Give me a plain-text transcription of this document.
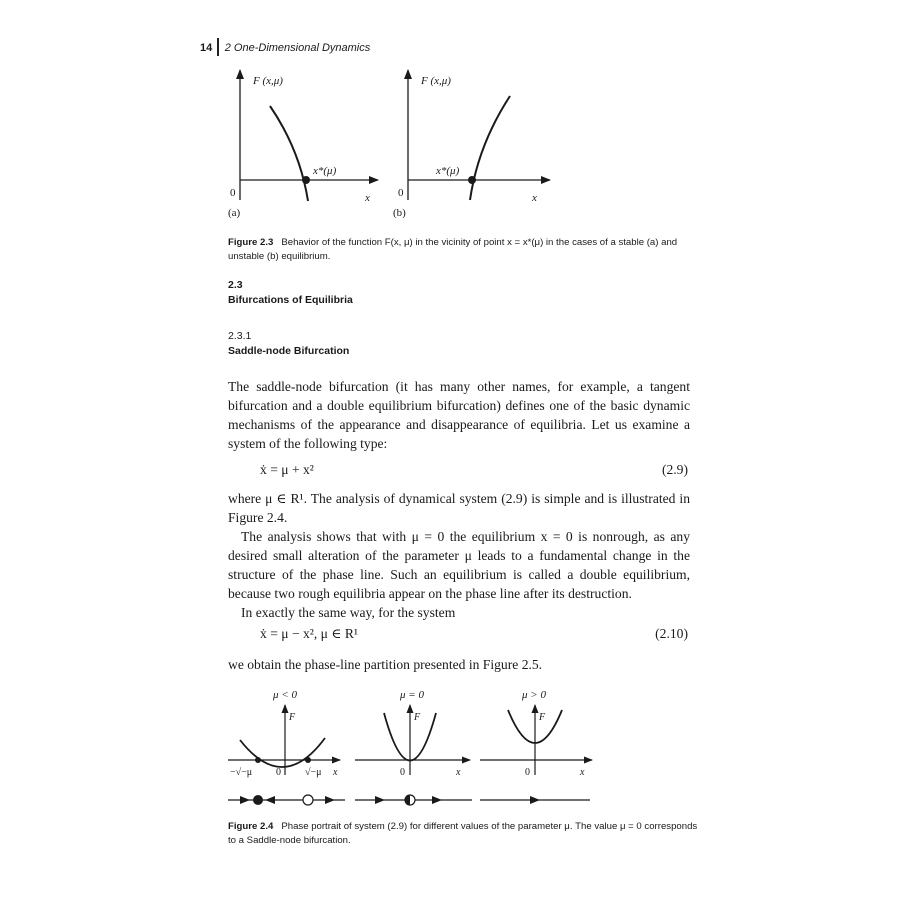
14 2 One-Dimensional Dynamics
F (x,μ)
x*(μ)
0	x
(a)
F (x,μ)
x*(μ)
0	x
(b)
Figure 2.3 Behavior of the function F(x, μ) in the vicinity of point x = x*(μ) in the cases of a stable (a) and unstable (b) equilibrium.
2.3
Bifurcations of Equilibria
2.3.1
Saddle-node Bifurcation
The saddle-node bifurcation (it has many other names, for example, a tangent bifurcation and a double equilibrium bifurcation) defines one of the basic dynamic mechanisms of the appearance and disappearance of equilibria. Let us examine a system of the following type:
ẋ = μ + x²	(2.9)
where μ ∈ R¹. The analysis of dynamical system (2.9) is simple and is illustrated in Figure 2.4.
The analysis shows that with μ = 0 the equilibrium x = 0 is nonrough, as any desired small alteration of the parameter μ leads to a fundamental change in the structure of the phase line. Such an equilibrium is called a double equilibrium, because two rough equilibria appear on the phase line after its destruction.
In exactly the same way, for the system
ẋ = μ − x², μ ∈ R¹	(2.10)
we obtain the phase-line partition presented in Figure 2.5.
μ < 0
F
−√−μ 0 √−μ x
μ = 0
F
0	x
μ > 0
F
0	x
Figure 2.4 Phase portrait of system (2.9) for different values of the parameter μ. The value μ = 0 corresponds to a Saddle-node bifurcation.
